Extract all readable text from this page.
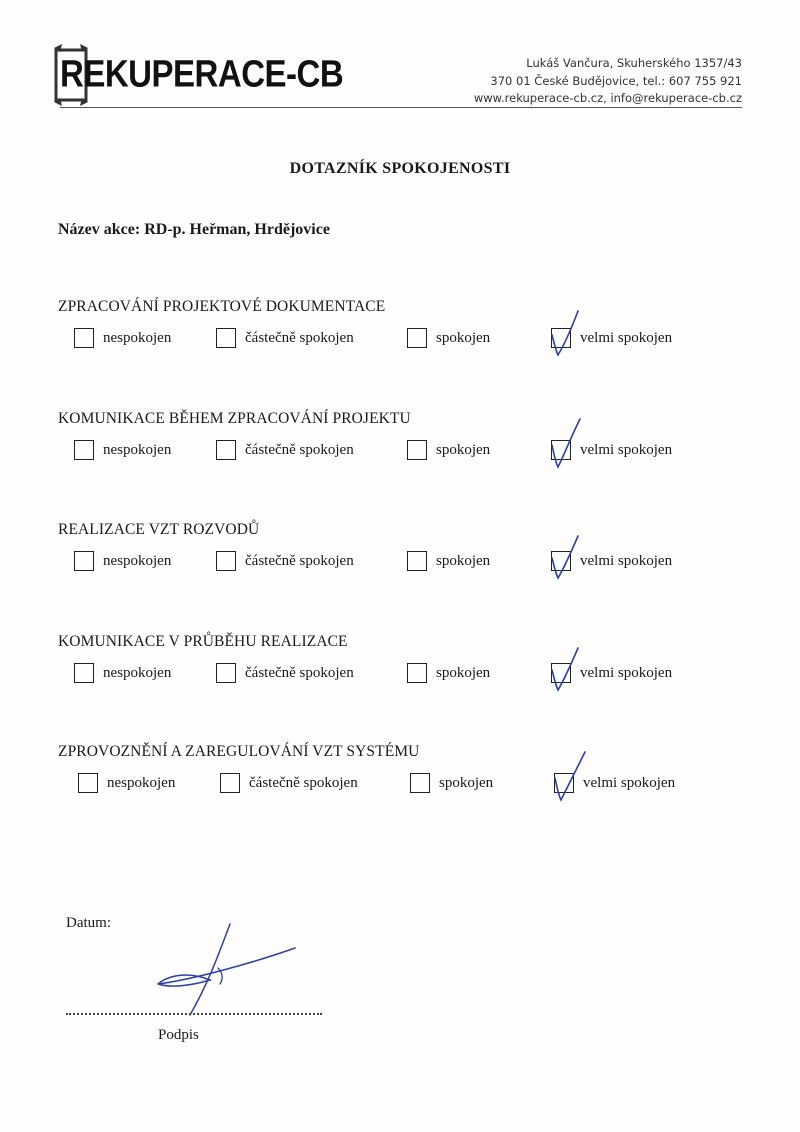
REKUPERACE-CB	Lukáš Vančura, Skuherského 1357/43
370 01 České Budějovice, tel.: 607 755 921
www.rekuperace-cb.cz, info@rekuperace-cb.cz
DOTAZNÍK SPOKOJENOSTI
Název akce: RD-p. Heřman, Hrdějovice
ZPRACOVÁNÍ PROJEKTOVÉ DOKUMENTACE
nespokojen	částečně spokojen	spokojen	velmi spokojen
KOMUNIKACE BĚHEM ZPRACOVÁNÍ PROJEKTU
nespokojen	částečně spokojen	spokojen	velmi spokojen
REALIZACE VZT ROZVODŮ
nespokojen	částečně spokojen	spokojen	velmi spokojen
KOMUNIKACE V PRŮBĚHU REALIZACE
nespokojen	částečně spokojen	spokojen	velmi spokojen
ZPROVOZNĚNÍ A ZAREGULOVÁNÍ VZT SYSTÉMU
nespokojen	částečně spokojen	spokojen	velmi spokojen
Datum:
Podpis
